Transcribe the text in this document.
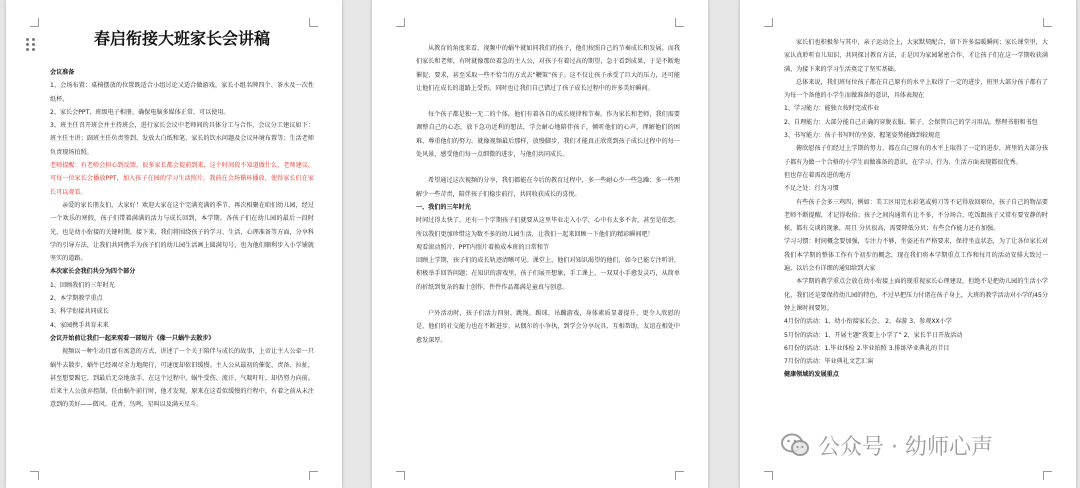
春启衔接大班家长会讲稿

会议准备

1、会场布置：桌椅摆放的位置既适合小组讨论又适合做游戏，家长小组名牌四个、茶水及一次性纸杯。

2、家长会PPT、班级电子相册，确保电脑多媒体正常、可以使用。

3、班主任召开班会并主持班会，进行家长会议中老师间的具体分工与合作，会议分工建议如下：班主任主讲；副班主任负责签到、发放大白纸和笔、家长的饮水问题及会议环境布置等；生活老师负责现场拍照。

老师提醒：有老师会担心到反馈，很多家长都会提前到来，这个时间段不知道做什么，老师建议，可每一位家长会播放PPT，加入孩子在园的学习生活照片，我前在会场循环播放，使得家长们在家长可以观看。

亲爱的家长朋友们，大家好！欢迎大家在这个完满充满的季节，再次相聚在咱们幼儿园，经过一个欢乐的寒假，孩子们带着满满的活力与成长回到，本学期，各孩子们在幼儿园的最后一段时光，也是幼小衔接的关键时期，接下来，我们将围绕孩子的学习、生活、心理准备等方面，分享科学的引导方法，让我们共同携手为孩子们的幼儿园生活画上圆满句号，也为他们顺利步入小学铺就坚实的道路。

本次家长会我们共分为四个部分

1、回顾我们的三年时光

2、本学期教学重点

3、科学衔接共同成长

4、家园携手共育未来

会议开始前让我们一起来观看一部短片《像一只蜗牛去散步》

视频以一种生动且富有寓意的方式，讲述了一个关于陪伴与成长的故事，上帝让主人公牵一只蜗牛去散步，蜗牛已经竭尽全力地爬行，可速度却依旧缓慢。主人公从最初的催促、责备、拉扯，甚至想要踢它，到最后无奈地放手，在这个过程中，蜗牛受伤、流汗、气喘吁吁，却仍努力向前。后来主人公放弃控制，任由蜗牛前行时，他才发现，原来在这看似缓慢的行程中，有着之前从未注意到的美好——微风、花香、鸟鸣、星叫以及满天星斗。

从教育的角度来看，视频中的蜗牛就如同我们的孩子，他们按照自己的节奏成长和发展。而我们家长和老师，有时就像那位着急的主人公，对孩子有着过高的期望，急于看到成果，于是不断地催促、要求，甚至采取一些不恰当的方式去“鞭策”孩子。这不仅让孩子承受了巨大的压力，还可能让他们在成长的道路上受伤，同时也让我们自己错过了孩子成长过程中的许多美好瞬间。

每个孩子都是独一无二的个体，他们有着各自的成长规律和节奏。作为家长和老师，我们需要调整自己的心态，放下急功近利的想法，学会耐心地陪伴孩子，倾听他们的心声，理解他们的困难，尊重他们的努力。就像视频最后那样，放慢脚步，我们才能真正欣赏到孩子成长过程中的每一处风景，感受他们每一点细微的进步，与他们共同成长。

希望通过这次视频的分享，我们都能在今后的教育过程中，多一些耐心少一些急躁；多一些理解少一些苛责，陪伴孩子们稳步前行，共同收获成长的喜悦。

一、我们的三年时光

时间过得太快了，还有一个学期孩子们就要从这里毕业走入小学，心中有太多不舍，甚至是依恋，所以我们更加珍惜这为数不多的幼儿园生活，让我们一起来回顾一下他们的精彩瞬间吧！

观看滚动照片、PPT内照片着换成本班的日常和节

回顾上学期，孩子们的成长轨迹清晰可见。课堂上，他们对知识渴望的他们，如今已能专注听讲，积极举手回答问题；在知识的游戏里，孩子们展开想象，手工课上，一双双小手愈发灵巧，从简单的折纸到复杂的黏土创作，件件作品都满是童真与创意。

户外活动时，孩子们活力四射，跳绳、踢球、吊蹦游戏，身体素质显著提升，更令人欣慰的是，他们的社交能力也在不断进步，从偶尔的小争执，到学会分享玩具、互相帮助，友谊在相处中愈发深厚。

家长们也积极参与其中，亲子运动会上，大家默契配合，留下许多温暖瞬间；家长课堂里，大家认真聆听育儿知识，共同探讨教育方法，正是因为家园紧密合作，才让孩子们在这一学期收获满满，为接下来的学习生活奠定了坚实基础。

总体来说，我们班每位孩子都在自己原有的水平上取得了一定的进步，班里大部分孩子都有了为每一个备他的小学生而做准备的意识，具体表现在

1、学习能力：能独立按时完成作业

2、自理能力：大部分能自己正确的穿脱衣服、鞋子，会保管自己的学习用品，整理书册和书包

3、书写能力：孩子书写时的坐姿、握笔姿势能做到较规范

俯欣慰孩子们经过上学期的努力，都在自己原有的水平上取得了一定的进步，班里的大部分孩子都有为做一个合格的小学生而做准备的意识，在学习、行为、生活方面表现都很优秀。

但也存在着需改进的地方

不足之处：行为习惯

有些孩子会多三鸡四，例如：美工区用完水彩笔或剪刀等不记得放回原位，孩子自己的物品要老师不断提醒，才记得收拾；孩子之间沟通常有让不多，不分场合，吃饭跟孩子又常有要安静的时候，都有交谈的现象，用且 分贝很高，需要降低分贝；有些会作能力还有加强。

学习习惯：时间概念要加强，专注力不够，坐姿还有严格要求，保持坐直状态，为了让各位家长对我们本学期的整体工作有个初步的概念，现在我们将本学期重点工作和每月的活动安排大致过一遍，以后会有详细的通知给到大家

本学期的教学重点会放在幼小衔接上面的现重视家长心理建设，但绝不是把幼儿园的生活小学化，我们还是要保持幼儿园的特色，不过早把压力付诸在孩子身上，大班的教学活动对小学的45分钟上课时间要短。

4月份的活动：1、幼小衔接家长会、 2、春游 3、参观XX小学

5月份的活动：1、开展主题“我要上小学了” 2、家长半日开放活动

6月份的活动：1.毕业体检 2.毕业拍照 3.排练毕业典礼的节目

7月份的活动：毕业典礼文艺汇演

健康领域的发展重点

公众号 · 幼师心声
